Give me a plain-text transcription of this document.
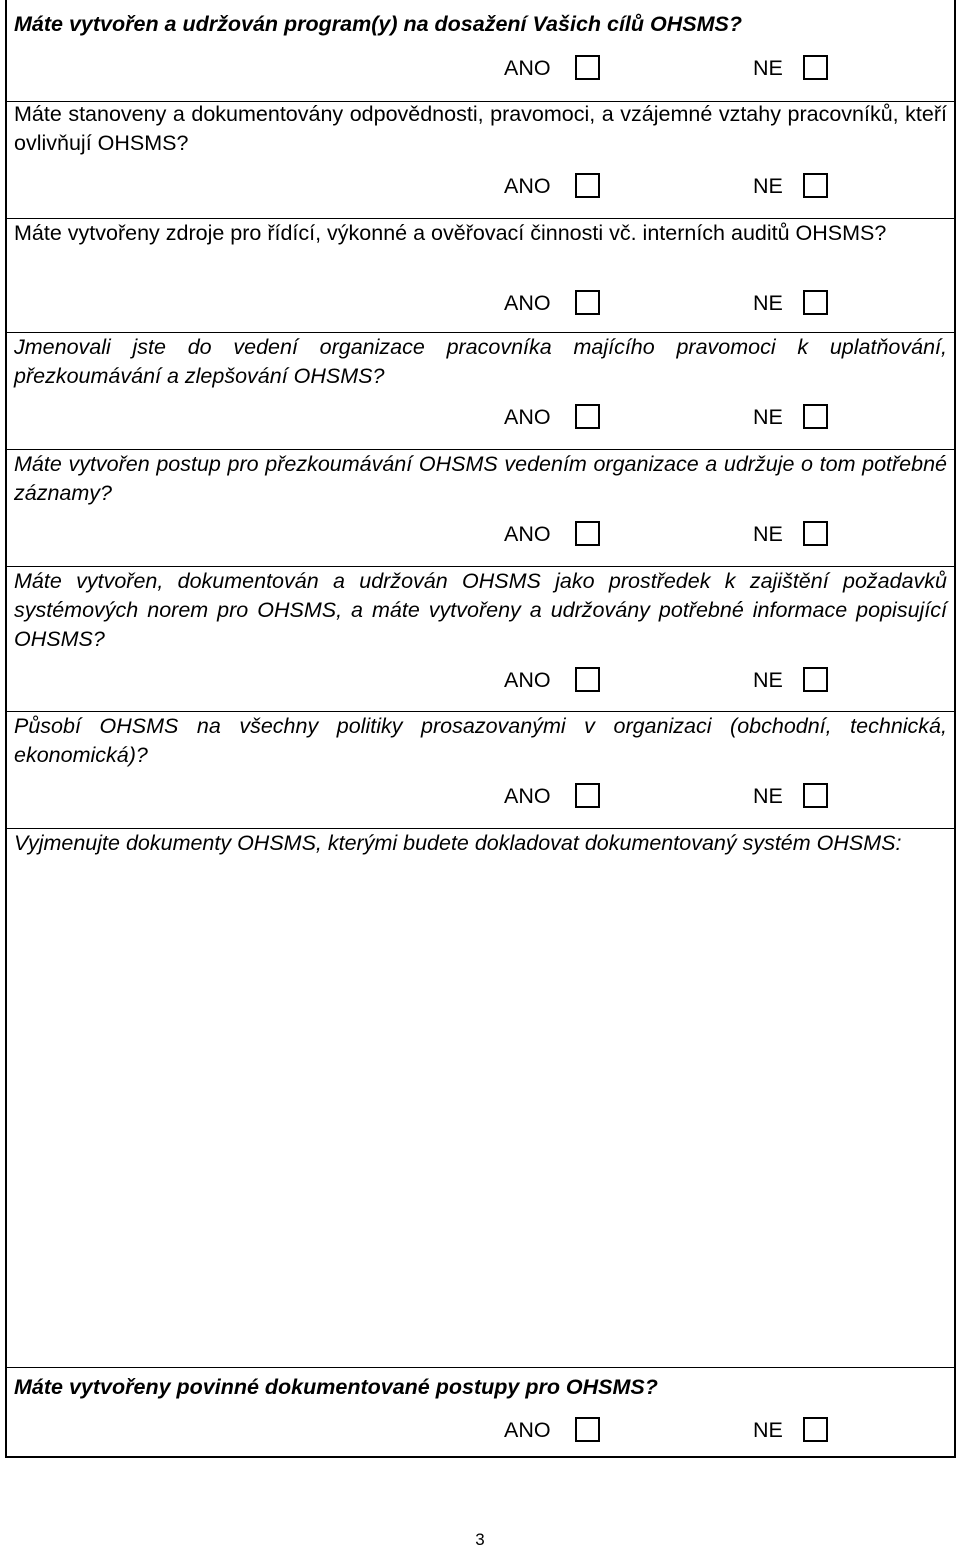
Máte vytvořen a udržován program(y) na dosažení Vašich cílů OHSMS?
ANO	NE
Máte stanoveny a dokumentovány odpovědnosti, pravomoci, a vzájemné vztahy pracovníků, kteří ovlivňují OHSMS?
ANO	NE
Máte vytvořeny zdroje pro řídící, výkonné a ověřovací činnosti vč. interních auditů OHSMS?
ANO	NE
Jmenovali jste do vedení organizace pracovníka majícího pravomoci k uplatňování, přezkoumávání a zlepšování OHSMS?
ANO	NE
Máte vytvořen postup pro přezkoumávání OHSMS vedením organizace a udržuje o tom potřebné záznamy?
ANO	NE
Máte vytvořen, dokumentován a udržován OHSMS jako prostředek k zajištění požadavků systémových norem pro OHSMS, a máte vytvořeny a udržovány potřebné informace popisující OHSMS?
ANO	NE
Působí OHSMS na všechny politiky prosazovanými v organizaci (obchodní, technická, ekonomická)?
ANO	NE
Vyjmenujte dokumenty OHSMS, kterými budete dokladovat dokumentovaný systém OHSMS:
Máte vytvořeny povinné dokumentované postupy pro OHSMS?
ANO	NE
3
